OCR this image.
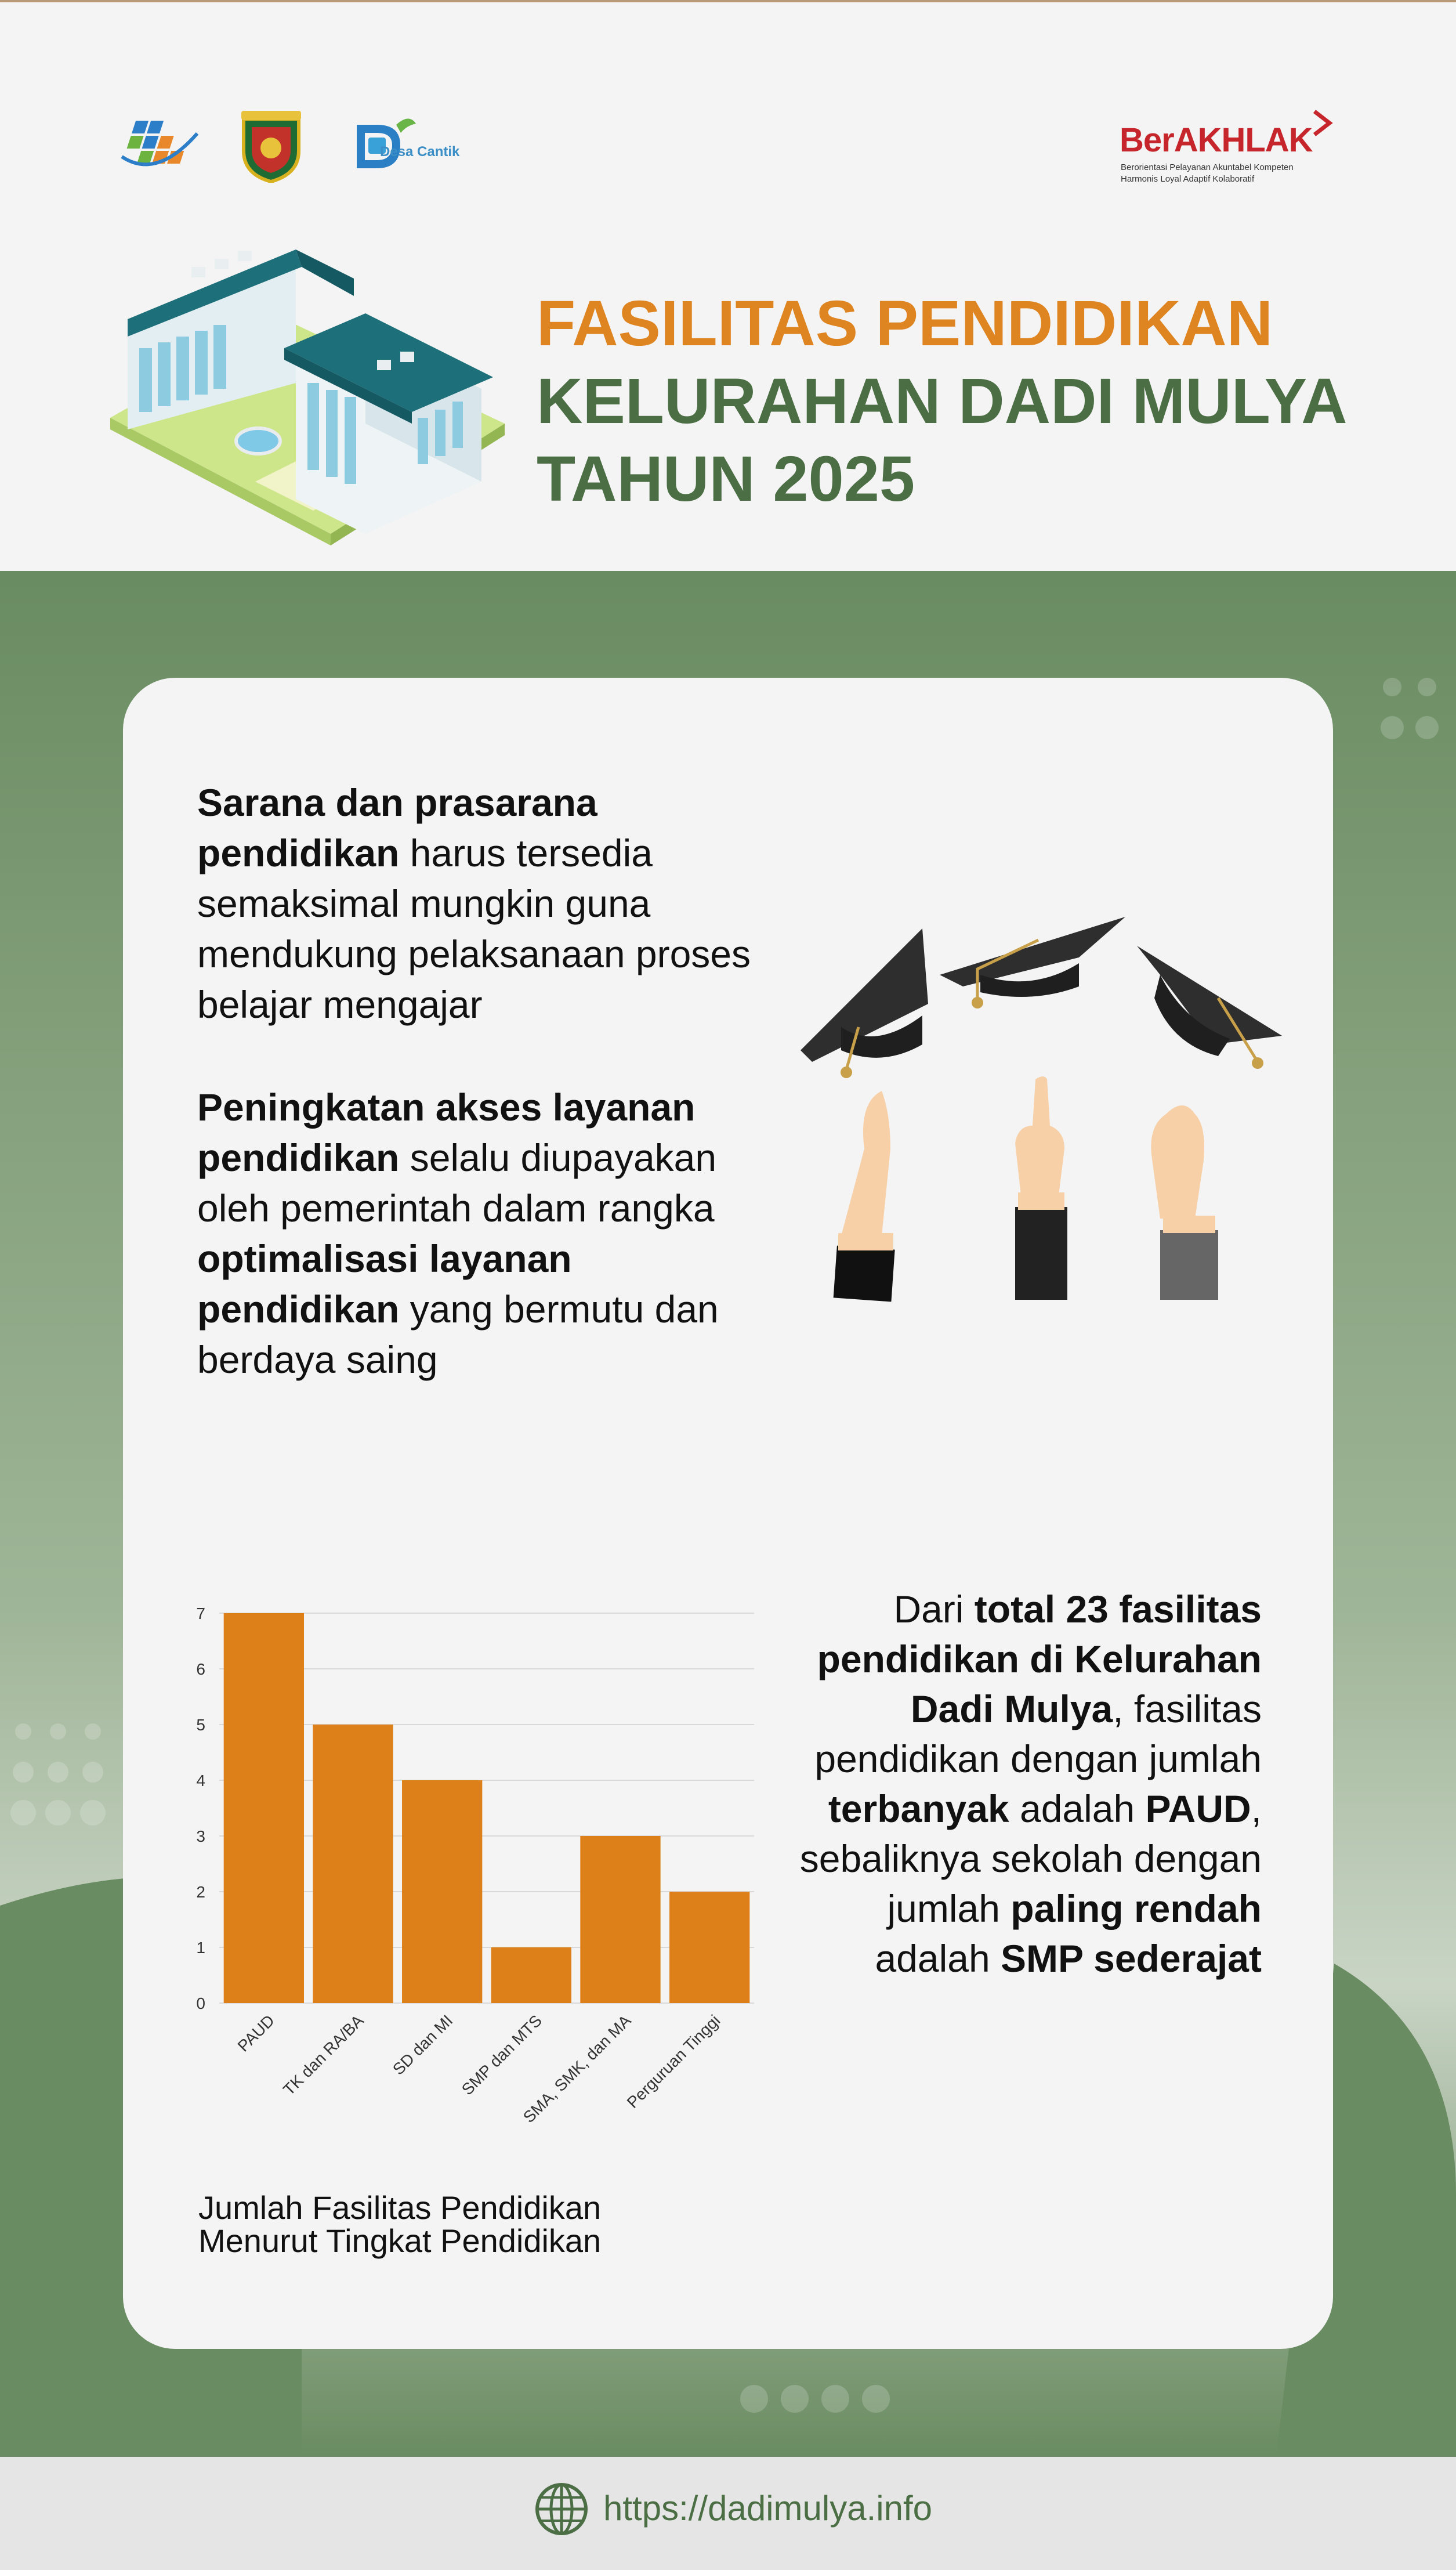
Desa Cantik	BerAKHLAK
Berorientasi Pelayanan Akuntabel Kompeten
Harmonis Loyal Adaptif Kolaboratif
FASILITAS PENDIDIKAN
KELURAHAN DADI MULYA
TAHUN 2025
Sarana dan prasarana pendidikan harus tersedia semaksimal mungkin guna mendukung pelaksanaan proses belajar mengajar
Peningkatan akses layanan pendidikan selalu diupayakan oleh pemerintah dalam rangka optimalisasi layanan pendidikan yang bermutu dan berdaya saing
0
1
2
3
4
5
6
7
PAUD TK dan RA/BA SD dan MI SMP dan MTS
SMA, SMK, dan MA
Perguruan Tinggi
Jumlah Fasilitas Pendidikan
Menurut Tingkat Pendidikan
Dari total 23 fasilitas pendidikan di Kelurahan Dadi Mulya, fasilitas pendidikan dengan jumlah terbanyak adalah PAUD, sebaliknya sekolah dengan jumlah paling rendah adalah SMP sederajat
https://dadimulya.info
